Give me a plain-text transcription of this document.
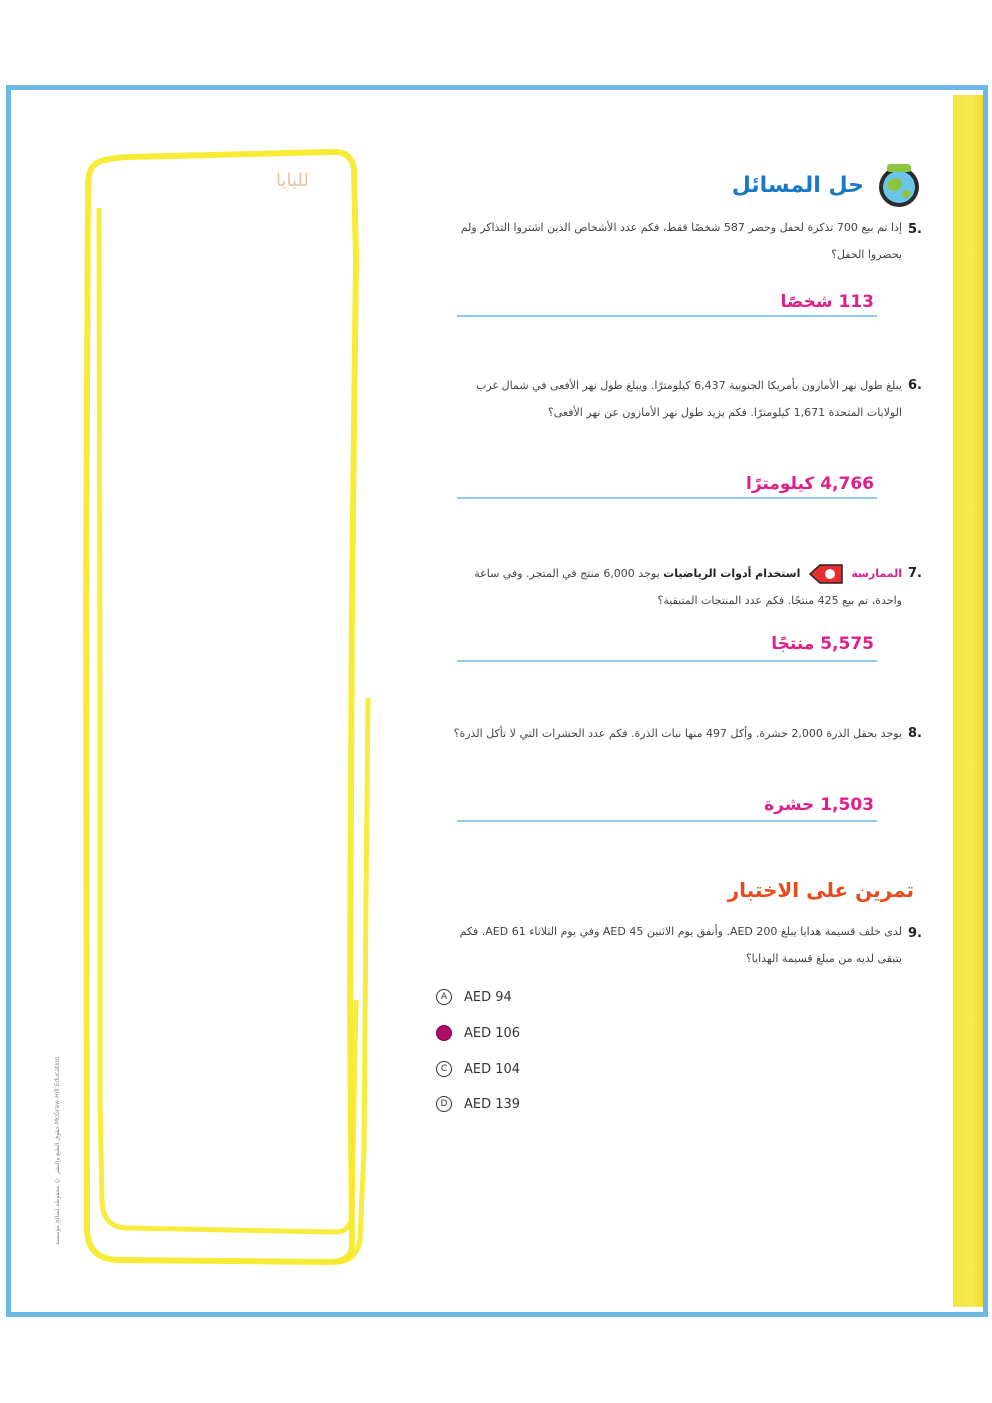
لليابا	حل المسائل
5.
إذا تم بيع 700 تذكرة لحفل وحضر 587 شخصًا فقط، فكم عدد الأشخاص الذين اشتروا التذاكر ولم يحضروا الحفل؟
113 شخصًا
6.
يبلغ طول نهر الأمازون بأمريكا الجنوبية 6,437 كيلومترًا. ويبلغ طول نهر الأفعى في شمال غرب الولايات المتحدة 1,671 كيلومترًا. فكم يزيد طول نهر الأمازون عن نهر الأفعى؟
4,766 كيلومترًا
7.
الممارسة  استخدام أدوات الرياضيات يوجد 6,000 منتج في المتجر. وفي ساعة واحدة، تم بيع 425 منتجًا. فكم عدد المنتجات المتبقية؟
5,575 منتجًا
8.
يوجد بحقل الذرة 2,000 حشرة. وأكل 497 منها نبات الذرة. فكم عدد الحشرات التي لا تأكل الذرة؟
1,503 حشرة
تمرين على الاختبار
9.
لدى خلف قسيمة هدايا يبلغ AED 200. وأنفق يوم الاثنين AED 45 وفي يوم الثلاثاء AED 61. فكم يتبقى لديه من مبلغ قسيمة الهدايا؟
A	AED 94
AED 106
C	AED 104
D	AED 139
حقوق الطبع والنشر © محفوظة لصالح مؤسسة McGraw-Hill Education
